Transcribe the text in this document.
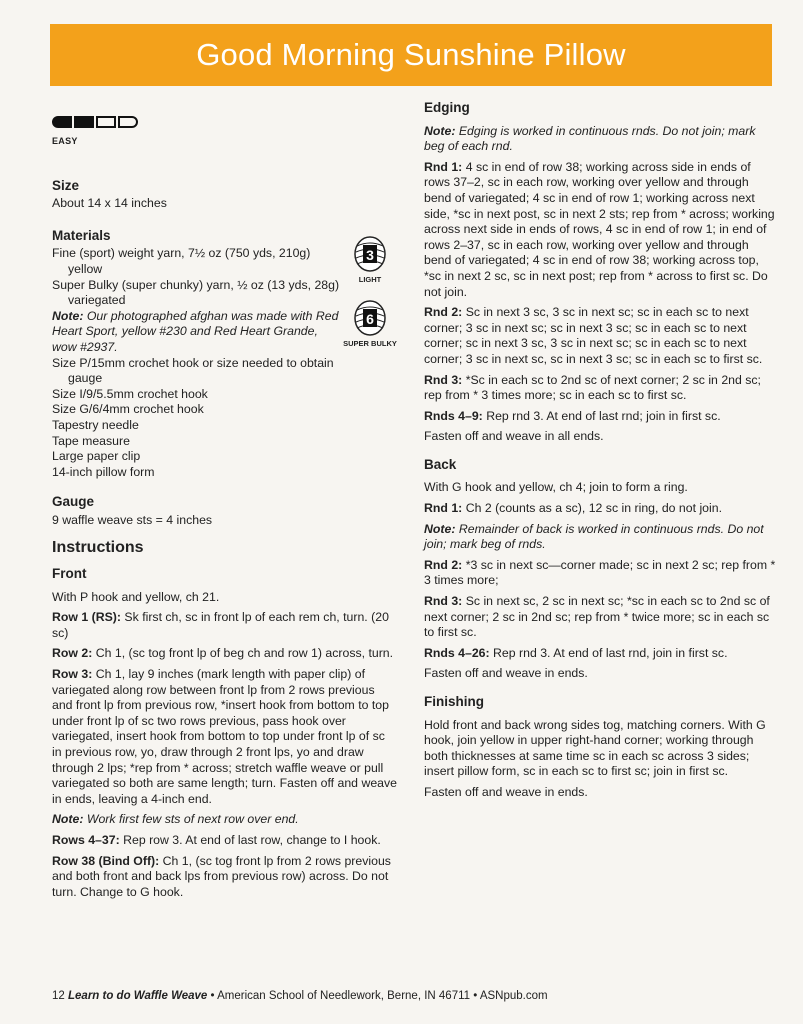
Good Morning Sunshine Pillow
3
LIGHT
6
SUPER BULKY
EASY
Size

About 14 x 14 inches

Materials

Fine (sport) weight yarn, 7½ oz (750 yds, 210g) yellow

Super Bulky (super chunky) yarn, ½ oz (13 yds, 28g) variegated

Note: Our photographed afghan was made with Red Heart Sport, yellow #230 and Red Heart Grande, wow #2937.

Size P/15mm crochet hook or size needed to obtain gauge

Size I/9/5.5mm crochet hook

Size G/6/4mm crochet hook

Tapestry needle

Tape measure

Large paper clip

14-inch pillow form

Gauge

9 waffle weave sts = 4 inches

Instructions
Front

With P hook and yellow, ch 21.

Row 1 (RS): Sk first ch, sc in front lp of each rem ch, turn. (20 sc)

Row 2: Ch 1, (sc tog front lp of beg ch and row 1) across, turn.

Row 3: Ch 1, lay 9 inches (mark length with paper clip) of variegated along row between front lp from 2 rows previous and front lp from previous row, *insert hook from bottom to top under front lp of sc two rows previous, pass hook over variegated, insert hook from bottom to top under front lp of sc in previous row, yo, draw through 2 front lps, yo and draw through 2 lps; *rep from * across; stretch waffle weave or pull variegated so both are same length; turn. Fasten off and weave in ends, leaving a 4-inch end.

Note: Work first few sts of next row over end.

Rows 4–37: Rep row 3. At end of last row, change to I hook.

Row 38 (Bind Off): Ch 1, (sc tog front lp from 2 rows previous and both front and back lps from previous row) across. Do not turn. Change to G hook.

Edging

Note: Edging is worked in continuous rnds. Do not join; mark beg of each rnd.

Rnd 1: 4 sc in end of row 38; working across side in ends of rows 37–2, sc in each row, working over yellow and through bend of variegated; 4 sc in end of row 1; working across next side, *sc in next post, sc in next 2 sts; rep from * across; working across next side in ends of rows, 4 sc in end of row 1; in end of rows 2–37, sc in each row, working over yellow and through bend of variegated; 4 sc in end of row 38; working across top, *sc in next 2 sc, sc in next post; rep from * across to first sc. Do not join.

Rnd 2: Sc in next 3 sc, 3 sc in next sc; sc in each sc to next corner; 3 sc in next sc; sc in next 3 sc; sc in each sc to next corner; sc in next 3 sc, 3 sc in next sc; sc in each sc to next corner; 3 sc in next sc, sc in next 3 sc; sc in each sc to first sc.

Rnd 3: *Sc in each sc to 2nd sc of next corner; 2 sc in 2nd sc; rep from * 3 times more; sc in each sc to first sc.

Rnds 4–9: Rep rnd 3. At end of last rnd; join in first sc.

Fasten off and weave in all ends.

Back

With G hook and yellow, ch 4; join to form a ring.

Rnd 1: Ch 2 (counts as a sc), 12 sc in ring, do not join.

Note: Remainder of back is worked in continuous rnds. Do not join; mark beg of rnds.

Rnd 2: *3 sc in next sc—corner made; sc in next 2 sc; rep from * 3 times more;

Rnd 3: Sc in next sc, 2 sc in next sc; *sc in each sc to 2nd sc of next corner; 2 sc in 2nd sc; rep from * twice more; sc in each sc to first sc.

Rnds 4–26: Rep rnd 3. At end of last rnd, join in first sc.

Fasten off and weave in ends.

Finishing

Hold front and back wrong sides tog, matching corners. With G hook, join yellow in upper right-hand corner; working through both thicknesses at same time sc in each sc across 3 sides; insert pillow form, sc in each sc to first sc; join in first sc.

Fasten off and weave in ends.

12 Learn to do Waffle Weave • American School of Needlework, Berne, IN 46711 • ASNpub.com
